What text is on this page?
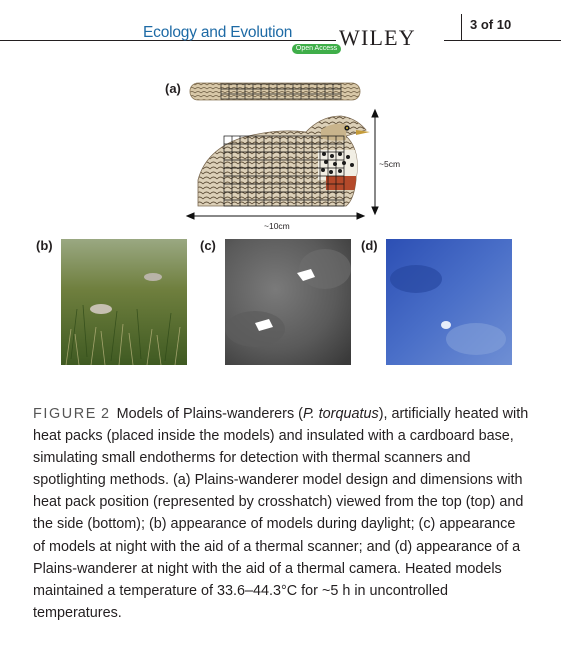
Ecology and Evolution
Open Access WILEY
3 of 10
(a)
~5cm
~10cm
(b)	(c)	(d)
FIGURE 2 Models of Plains-wanderers (P. torquatus), artificially heated with heat packs (placed inside the models) and insulated with a cardboard base, simulating small endotherms for detection with thermal scanners and spotlighting methods. (a) Plains-wanderer model design and dimensions with heat pack position (represented by crosshatch) viewed from the top (top) and the side (bottom); (b) appearance of models during daylight; (c) appearance of models at night with the aid of a thermal scanner; and (d) appearance of a Plains-wanderer at night with the aid of a thermal camera. Heated models maintained a temperature of 33.6–44.3°C for ~5 h in uncontrolled temperatures.
